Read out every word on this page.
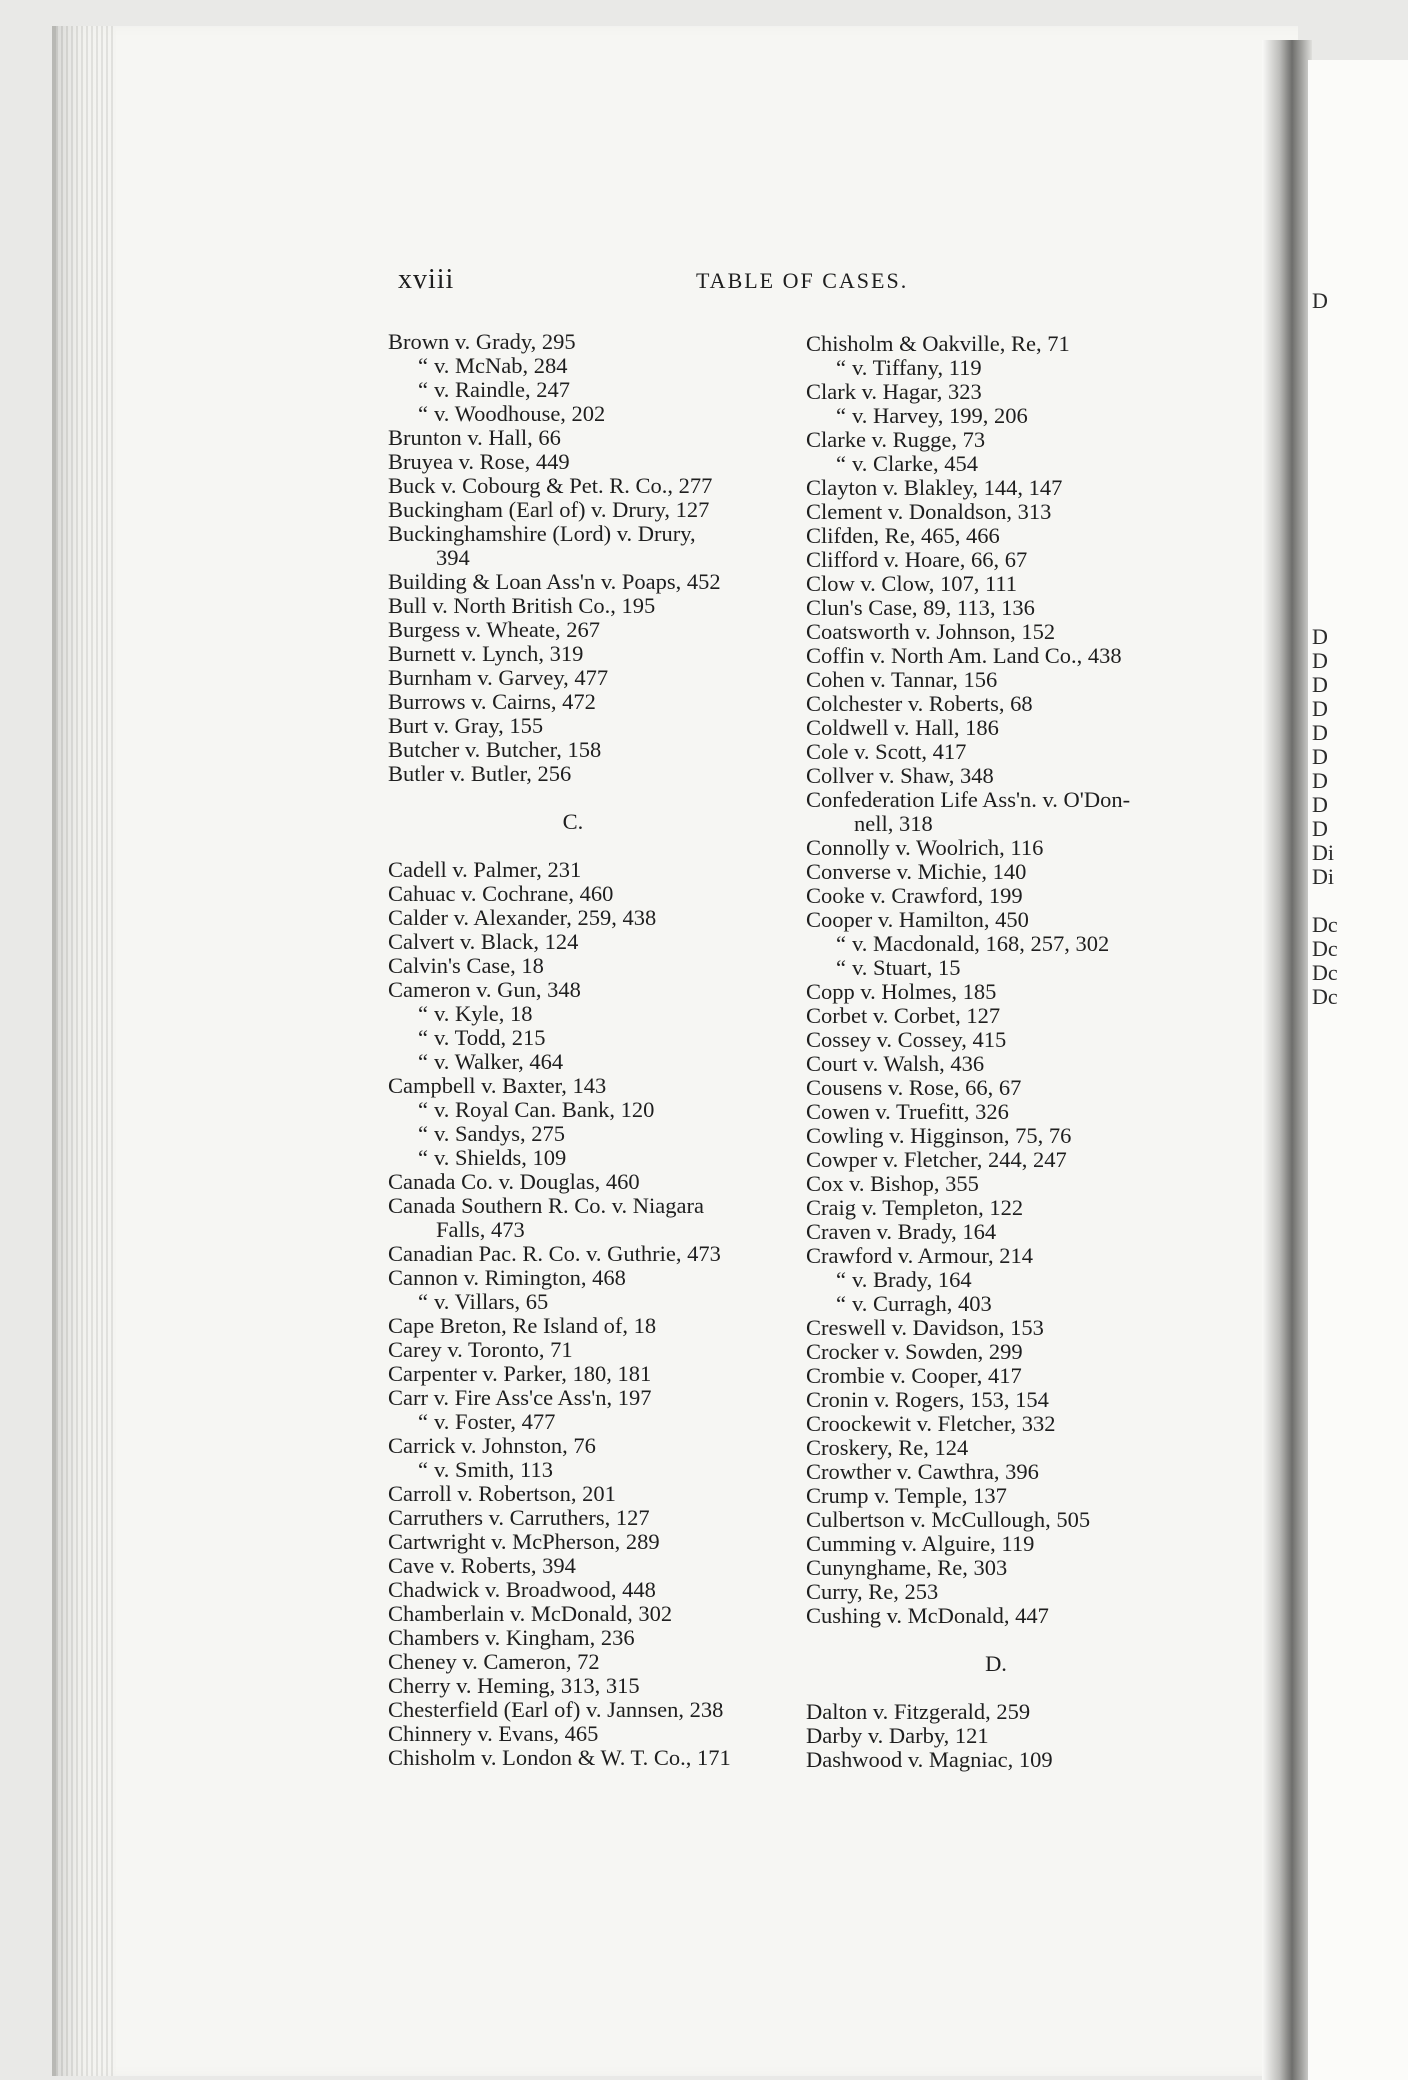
D
D
D
D
D
D
D
D
D
D
Di
Di
Dc
Dc
Dc
Dc
xviii	TABLE OF CASES.
Brown v. Grady, 295
“ v. McNab, 284
“ v. Raindle, 247
“ v. Woodhouse, 202
Brunton v. Hall, 66
Bruyea v. Rose, 449
Buck v. Cobourg & Pet. R. Co., 277
Buckingham (Earl of) v. Drury, 127
Buckinghamshire (Lord) v. Drury,
394
Building & Loan Ass'n v. Poaps, 452
Bull v. North British Co., 195
Burgess v. Wheate, 267
Burnett v. Lynch, 319
Burnham v. Garvey, 477
Burrows v. Cairns, 472
Burt v. Gray, 155
Butcher v. Butcher, 158
Butler v. Butler, 256
C.
Cadell v. Palmer, 231
Cahuac v. Cochrane, 460
Calder v. Alexander, 259, 438
Calvert v. Black, 124
Calvin's Case, 18
Cameron v. Gun, 348
“ v. Kyle, 18
“ v. Todd, 215
“ v. Walker, 464
Campbell v. Baxter, 143
“ v. Royal Can. Bank, 120
“ v. Sandys, 275
“ v. Shields, 109
Canada Co. v. Douglas, 460
Canada Southern R. Co. v. Niagara
Falls, 473
Canadian Pac. R. Co. v. Guthrie, 473
Cannon v. Rimington, 468
“ v. Villars, 65
Cape Breton, Re Island of, 18
Carey v. Toronto, 71
Carpenter v. Parker, 180, 181
Carr v. Fire Ass'ce Ass'n, 197
“ v. Foster, 477
Carrick v. Johnston, 76
“ v. Smith, 113
Carroll v. Robertson, 201
Carruthers v. Carruthers, 127
Cartwright v. McPherson, 289
Cave v. Roberts, 394
Chadwick v. Broadwood, 448
Chamberlain v. McDonald, 302
Chambers v. Kingham, 236
Cheney v. Cameron, 72
Cherry v. Heming, 313, 315
Chesterfield (Earl of) v. Jannsen, 238
Chinnery v. Evans, 465
Chisholm v. London & W. T. Co., 171
Chisholm & Oakville, Re, 71
“ v. Tiffany, 119
Clark v. Hagar, 323
“ v. Harvey, 199, 206
Clarke v. Rugge, 73
“ v. Clarke, 454
Clayton v. Blakley, 144, 147
Clement v. Donaldson, 313
Clifden, Re, 465, 466
Clifford v. Hoare, 66, 67
Clow v. Clow, 107, 111
Clun's Case, 89, 113, 136
Coatsworth v. Johnson, 152
Coffin v. North Am. Land Co., 438
Cohen v. Tannar, 156
Colchester v. Roberts, 68
Coldwell v. Hall, 186
Cole v. Scott, 417
Collver v. Shaw, 348
Confederation Life Ass'n. v. O'Don-
nell, 318
Connolly v. Woolrich, 116
Converse v. Michie, 140
Cooke v. Crawford, 199
Cooper v. Hamilton, 450
“ v. Macdonald, 168, 257, 302
“ v. Stuart, 15
Copp v. Holmes, 185
Corbet v. Corbet, 127
Cossey v. Cossey, 415
Court v. Walsh, 436
Cousens v. Rose, 66, 67
Cowen v. Truefitt, 326
Cowling v. Higginson, 75, 76
Cowper v. Fletcher, 244, 247
Cox v. Bishop, 355
Craig v. Templeton, 122
Craven v. Brady, 164
Crawford v. Armour, 214
“ v. Brady, 164
“ v. Curragh, 403
Creswell v. Davidson, 153
Crocker v. Sowden, 299
Crombie v. Cooper, 417
Cronin v. Rogers, 153, 154
Croockewit v. Fletcher, 332
Croskery, Re, 124
Crowther v. Cawthra, 396
Crump v. Temple, 137
Culbertson v. McCullough, 505
Cumming v. Alguire, 119
Cunynghame, Re, 303
Curry, Re, 253
Cushing v. McDonald, 447
D.
Dalton v. Fitzgerald, 259
Darby v. Darby, 121
Dashwood v. Magniac, 109
